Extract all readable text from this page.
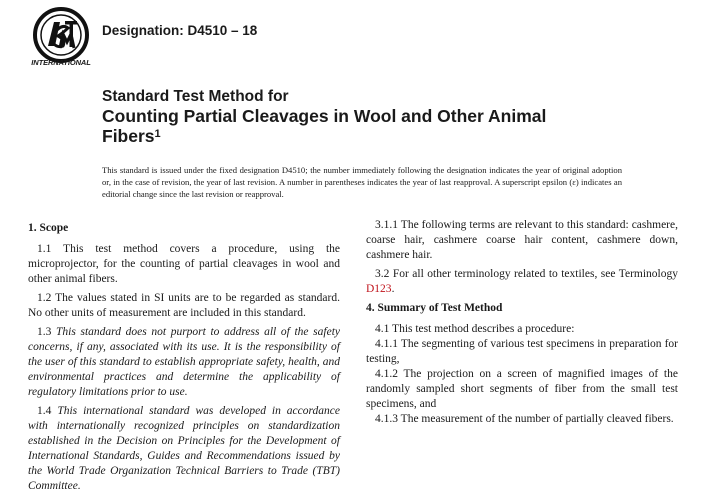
INTERNATIONAL
Designation: D4510 – 18
Standard Test Method for
Counting Partial Cleavages in Wool and Other Animal
Fibers$^1$
This standard is issued under the fixed designation D4510; the number immediately following the designation indicates the year of original adoption or, in the case of revision, the year of last revision. A number in parentheses indicates the year of last reapproval. A superscript epsilon (ε) indicates an editorial change since the last revision or reapproval.
1. Scope

1.1 This test method covers a procedure, using the microprojector, for the counting of partial cleavages in wool and other animal fibers.

1.2 The values stated in SI units are to be regarded as standard. No other units of measurement are included in this standard.

1.3 This standard does not purport to address all of the safety concerns, if any, associated with its use. It is the responsibility of the user of this standard to establish appropriate safety, health, and environmental practices and determine the applicability of regulatory limitations prior to use.

1.4 This international standard was developed in accordance with internationally recognized principles on standardization established in the Decision on Principles for the Development of International Standards, Guides and Recommendations issued by the World Trade Organization Technical Barriers to Trade (TBT) Committee.

3.1.1 The following terms are relevant to this standard: cashmere, coarse hair, cashmere coarse hair content, cashmere down, cashmere hair.

3.2 For all other terminology related to textiles, see Terminology D123.

4. Summary of Test Method

4.1 This test method describes a procedure:

4.1.1 The segmenting of various test specimens in preparation for testing,

4.1.2 The projection on a screen of magnified images of the randomly sampled short segments of fiber from the small test specimens, and

4.1.3 The measurement of the number of partially cleaved fibers.
